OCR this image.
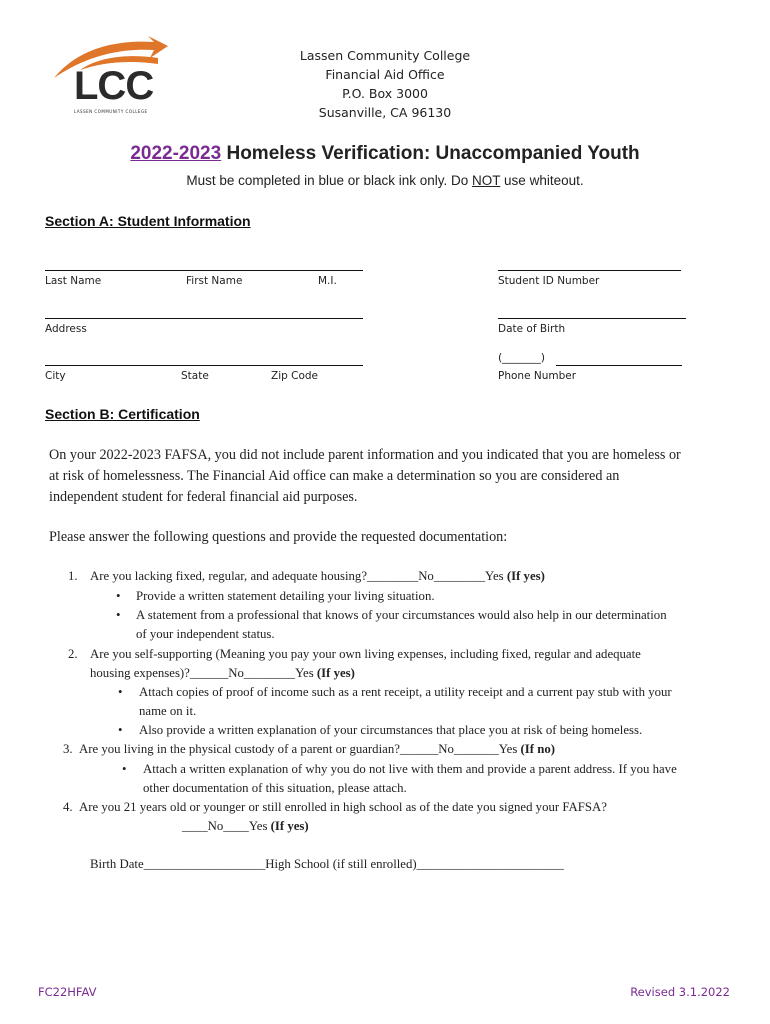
LCC
LASSEN COMMUNITY COLLEGE
Lassen Community College
Financial Aid Office
P.O. Box 3000
Susanville, CA 96130
2022-2023 Homeless Verification: Unaccompanied Youth
Must be completed in blue or black ink only. Do NOT use whiteout.
Section A: Student Information
Last Name	First Name	M.I.	Student ID Number
Address	Date of Birth
City	State	Zip Code
(_______)
Phone Number
Section B: Certification
On your 2022-2023 FAFSA, you did not include parent information and you indicated that you are homeless or
at risk of homelessness. The Financial Aid office can make a determination so you are considered an
independent student for federal financial aid purposes.
Please answer the following questions and provide the requested documentation:
1. Are you lacking fixed, regular, and adequate housing?________No________Yes (If yes)
• Provide a written statement detailing your living situation.
• A statement from a professional that knows of your circumstances would also help in our determination
of your independent status.
2. Are you self-supporting (Meaning you pay your own living expenses, including fixed, regular and adequate
housing expenses)?______No________Yes (If yes)
• Attach copies of proof of income such as a rent receipt, a utility receipt and a current pay stub with your
name on it.
• Also provide a written explanation of your circumstances that place you at risk of being homeless.
3. Are you living in the physical custody of a parent or guardian?______No_______Yes (If no)
• Attach a written explanation of why you do not live with them and provide a parent address. If you have
other documentation of this situation, please attach.
4. Are you 21 years old or younger or still enrolled in high school as of the date you signed your FAFSA?
____No____Yes (If yes)
Birth Date___________________High School (if still enrolled)_______________________
FC22HFAV	Revised 3.1.2022
